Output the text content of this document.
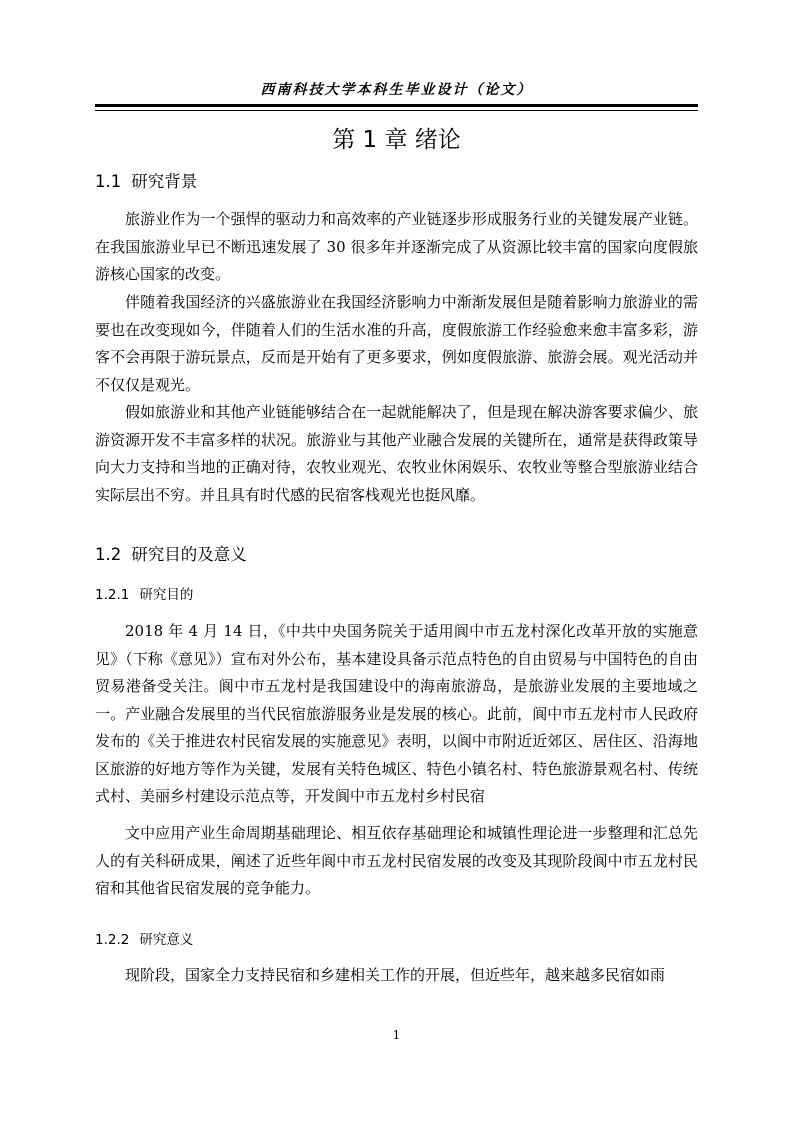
西南科技大学本科生毕业设计（论文）
第 1 章 绪论
1.1 研究背景
旅游业作为一个强悍的驱动力和高效率的产业链逐步形成服务行业的关键发展产业链。在我国旅游业早已不断迅速发展了 30 很多年并逐渐完成了从资源比较丰富的国家向度假旅游核心国家的改变。
伴随着我国经济的兴盛旅游业在我国经济影响力中渐渐发展但是随着影响力旅游业的需要也在改变现如今，伴随着人们的生活水准的升高，度假旅游工作经验愈来愈丰富多彩，游客不会再限于游玩景点，反而是开始有了更多要求，例如度假旅游、旅游会展。观光活动并不仅仅是观光。
假如旅游业和其他产业链能够结合在一起就能解决了，但是现在解决游客要求偏少、旅游资源开发不丰富多样的状况。旅游业与其他产业融合发展的关键所在，通常是获得政策导向大力支持和当地的正确对待，农牧业观光、农牧业休闲娱乐、农牧业等整合型旅游业结合实际层出不穷。并且具有时代感的民宿客栈观光也挺风靡。
1.2 研究目的及意义
1.2.1 研究目的
2018 年 4 月 14 日，《中共中央国务院关于适用阆中市五龙村深化改革开放的实施意见》（下称《意见》）宣布对外公布，基本建设具备示范点特色的自由贸易与中国特色的自由贸易港备受关注。阆中市五龙村是我国建设中的海南旅游岛，是旅游业发展的主要地域之一。产业融合发展里的当代民宿旅游服务业是发展的核心。此前，阆中市五龙村市人民政府发布的《关于推进农村民宿发展的实施意见》表明，以阆中市附近近郊区、居住区、沿海地区旅游的好地方等作为关键，发展有关特色城区、特色小镇名村、特色旅游景观名村、传统式村、美丽乡村建设示范点等，开发阆中市五龙村乡村民宿
文中应用产业生命周期基础理论、相互依存基础理论和城镇性理论进一步整理和汇总先人的有关科研成果，阐述了近些年阆中市五龙村民宿发展的改变及其现阶段阆中市五龙村民宿和其他省民宿发展的竞争能力。
1.2.2 研究意义
现阶段，国家全力支持民宿和乡建相关工作的开展，但近些年，越来越多民宿如雨
1
